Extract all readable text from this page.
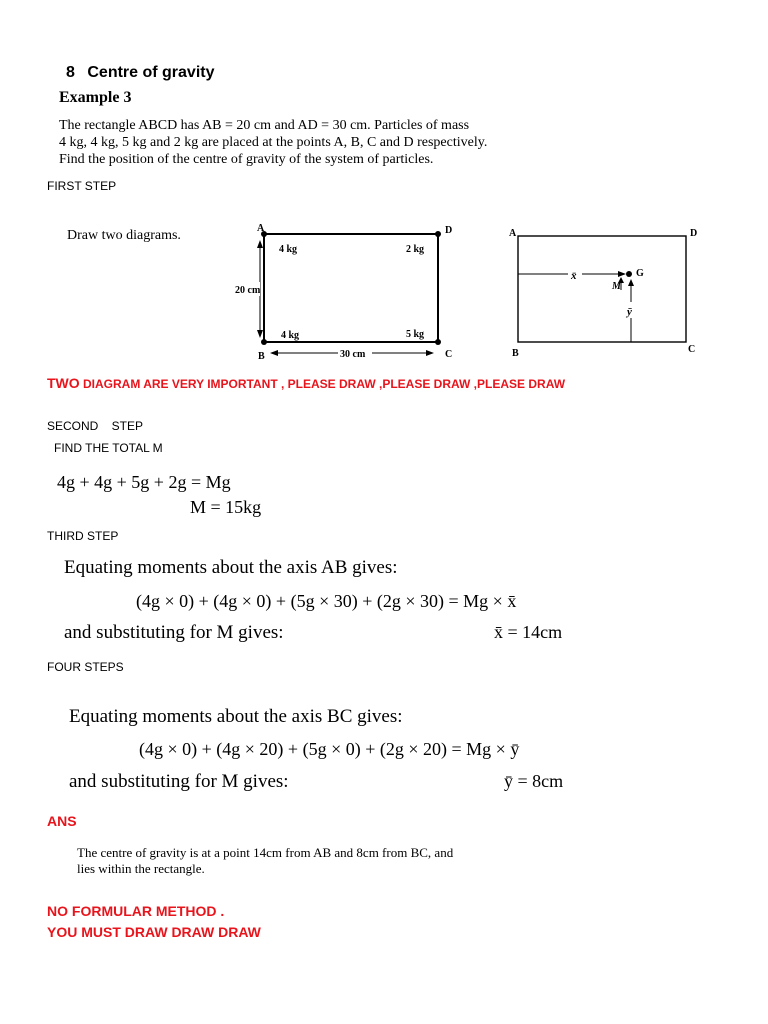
8 Centre of gravity
Example 3
The rectangle ABCD has AB = 20 cm and AD = 30 cm. Particles of mass
4 kg, 4 kg, 5 kg and 2 kg are placed at the points A, B, C and D respectively.
Find the position of the centre of gravity of the system of particles.
FIRST STEP
Draw two diagrams.	A	D
B	C
4 kg	2 kg
4 kg	5 kg
20 cm
30 cm
A	D
B	C
x̄	G
M
ȳ
TWO DIAGRAM ARE VERY IMPORTANT , PLEASE DRAW ,PLEASE DRAW ,PLEASE DRAW
SECOND    STEP
FIND THE TOTAL M
4g + 4g + 5g + 2g = Mg
M = 15kg
THIRD STEP
Equating moments about the axis AB gives:
(4g × 0) + (4g × 0) + (5g × 30) + (2g × 30) = Mg × x̄
and substituting for M gives:	x̄ = 14cm
FOUR STEPS
Equating moments about the axis BC gives:
(4g × 0) + (4g × 20) + (5g × 0) + (2g × 20) = Mg × ȳ
and substituting for M gives:	ȳ = 8cm
ANS
The centre of gravity is at a point 14cm from AB and 8cm from BC, and
lies within the rectangle.
NO FORMULAR METHOD .
YOU MUST DRAW DRAW DRAW
